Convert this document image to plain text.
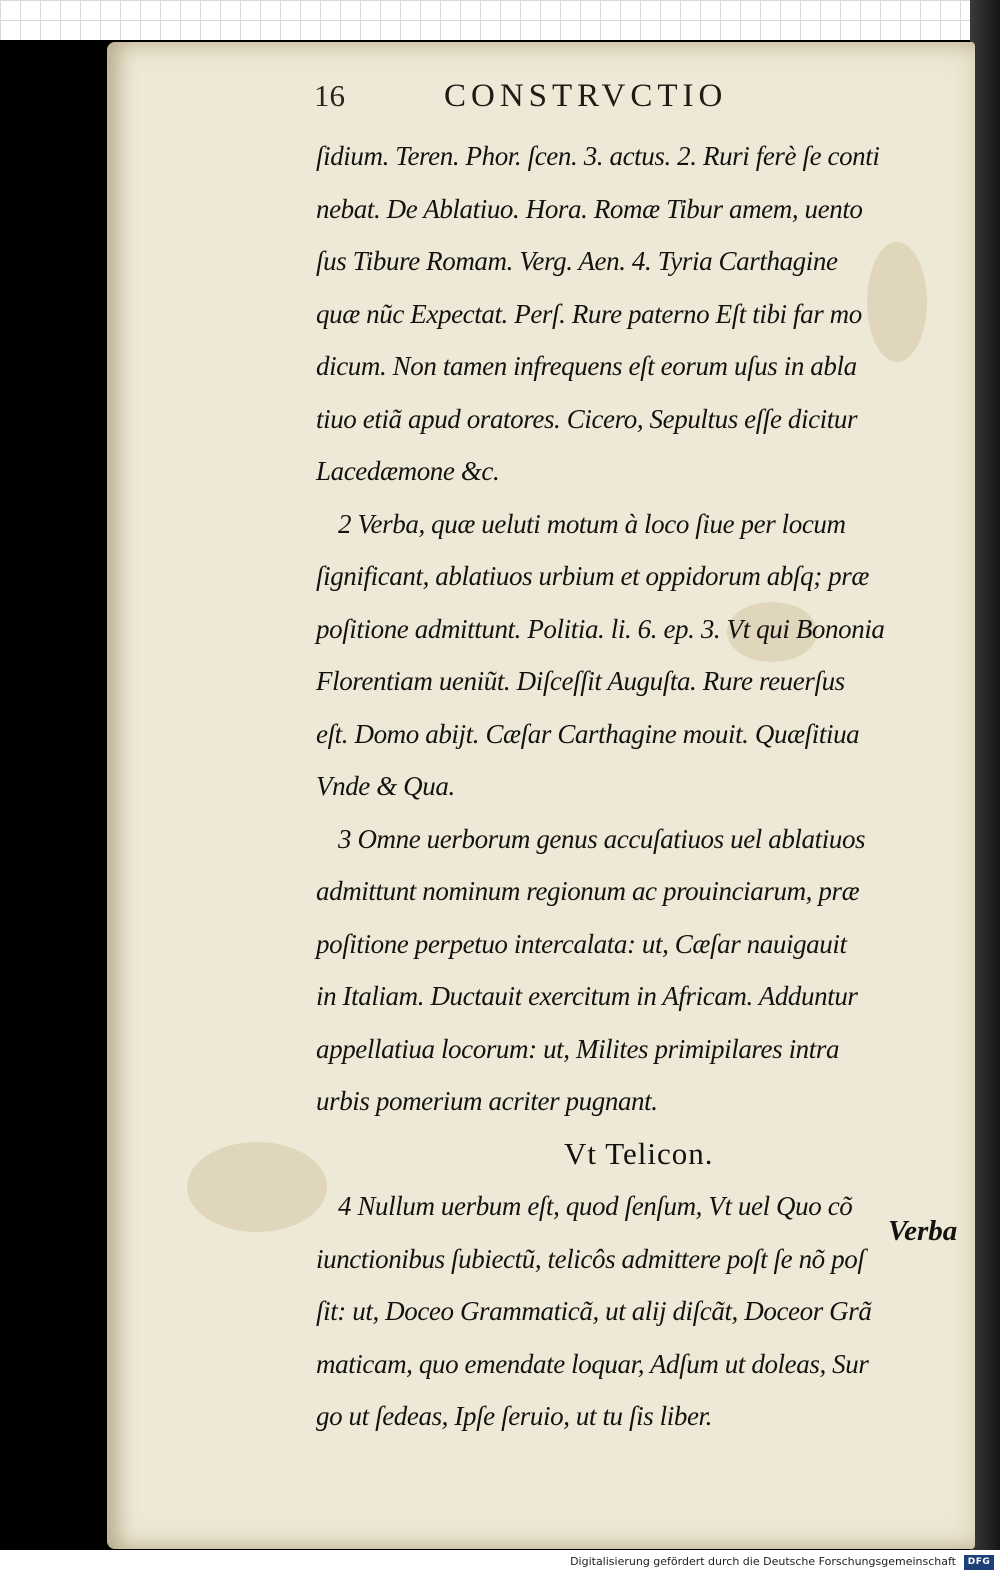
16	CONSTRVCTIO
ſidium. Teren. Phor. ſcen. 3. actus. 2. Ruri ferè ſe conti
nebat. De Ablatiuo. Hora. Romæ Tibur amem, uento
ſus Tibure Romam. Verg. Aen. 4. Tyria Carthagine
quæ nũc Expectat. Perſ. Rure paterno Eſt tibi far mo
dicum. Non tamen infrequens eſt eorum uſus in abla
tiuo etiã apud oratores. Cicero, Sepultus eſſe dicitur
Lacedæmone &c.
2 Verba, quæ ueluti motum à loco ſiue per locum
ſignificant, ablatiuos urbium et oppidorum abſq; præ
poſitione admittunt. Politia. li. 6. ep. 3. Vt qui Bononia
Florentiam ueniũt. Diſceſſit Auguſta. Rure reuerſus
eſt. Domo abijt. Cæſar Carthagine mouit. Quæſitiua
Vnde & Qua.
3 Omne uerborum genus accuſatiuos uel ablatiuos
admittunt nominum regionum ac prouinciarum, præ
poſitione perpetuo intercalata: ut, Cæſar nauigauit
in Italiam. Ductauit exercitum in Africam. Adduntur
appellatiua locorum: ut, Milites primipilares intra
urbis pomerium acriter pugnant.
Vt Telicon.
4 Nullum uerbum eſt, quod ſenſum, Vt uel Quo cõ
iunctionibus ſubiectũ, telicôs admittere poſt ſe nõ poſ
ſit: ut, Doceo Grammaticã, ut alij diſcãt, Doceor Grã
maticam, quo emendate loquar, Adſum ut doleas, Sur
go ut ſedeas, Ipſe ſeruio, ut tu ſis liber.
Verba
Digitalisierung gefördert durch die Deutsche Forschungsgemeinschaft	DFG
